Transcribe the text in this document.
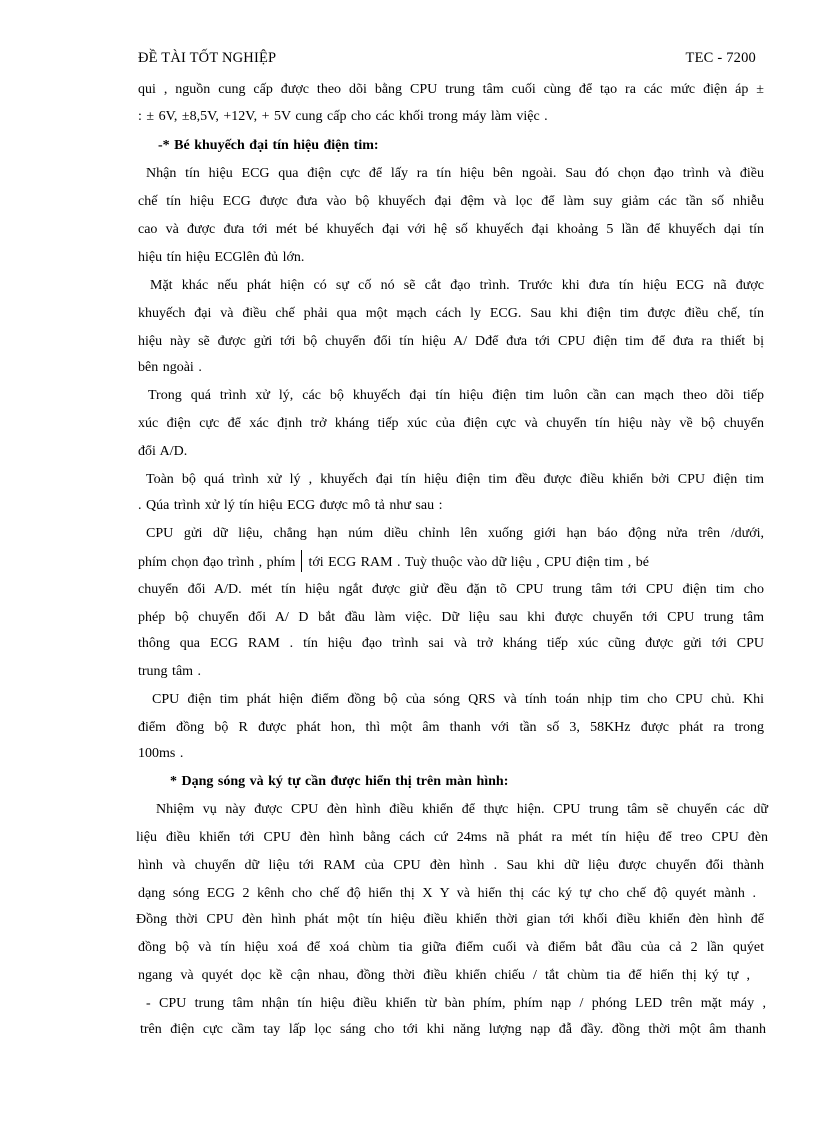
ĐỀ TÀI TỐT NGHIỆP	TEC - 7200
qui , nguồn cung cấp được theo dõi bằng CPU trung tâm cuối cùng để tạo ra các mức điện áp ±
: ± 6V, ±8,5V, +12V, + 5V cung cấp cho các khối trong máy làm việc .
-* Bé khuyếch đại tín hiệu điện tim:
Nhận tín hiệu ECG qua điện cực để lấy ra tín hiệu bên ngoài. Sau đó chọn đạo trình và điều
chế tín hiệu ECG được đưa vào bộ khuyếch đại đệm và lọc để làm suy giảm các tần số nhiễu
cao và được đưa tới mét bé khuyếch đại với hệ số khuyếch đại khoảng 5 lần để khuyếch dại tín
hiệu tín hiệu ECGlên đủ lớn.
Mặt khác nếu phát hiện có sự cố nó sẽ cắt đạo trình. Trước khi đưa tín hiệu ECG nã được
khuyếch đại và điều chế phải qua một mạch cách ly ECG. Sau khi điện tim được điều chế, tín
hiệu này sẽ được gửi tới bộ chuyển đổi tín hiệu A/ Dđể đưa tới CPU điện tim để đưa ra thiết bị
bên ngoài .
Trong quá trình xử lý, các bộ khuyếch đại tín hiệu điện tim luôn cần can mạch theo dõi tiếp
xúc điện cực để xác định trở kháng tiếp xúc của điện cực và chuyển tín hiệu này về bộ chuyển
đổi A/D.
Toàn bộ quá trình xử lý , khuyếch đại tín hiệu điện tim đều được điều khiển bởi CPU điện tim
. Qúa trình xử lý tín hiệu ECG được mô tả như sau :
CPU gửi dữ liệu, chẳng hạn núm diều chỉnh lên xuống giới hạn báo động nửa trên /dưới,
phím chọn đạo trình , phím tới ECG RAM . Tuỳ thuộc vào dữ liệu , CPU điện tim , bé
chuyển đổi A/D. mét tín hiệu ngắt được giử đều đặn tõ CPU trung tâm tới CPU điện tim cho
phép bộ chuyển đổi A/ D bắt đầu làm việc. Dữ liệu sau khi được chuyển tới CPU trung tâm
thông qua ECG RAM . tín hiệu đạo trình sai và trở kháng tiếp xúc cũng được gửi tới CPU
trung tâm .
CPU điện tim phát hiện điểm đồng bộ của sóng QRS và tính toán nhịp tim cho CPU chủ. Khi
điểm đồng bộ R được phát hon, thì một âm thanh với tần số 3, 58KHz được phát ra trong
100ms .
* Dạng sóng và ký tự cần được hiển thị trên màn hình:
Nhiệm vụ này được CPU đèn hình điều khiển để thực hiện. CPU trung tâm sẽ chuyển các dữ
liệu điều khiển tới CPU đèn hình bằng cách cứ 24ms nã phát ra mét tín hiệu để treo CPU đèn
hình và chuyển dữ liệu tới RAM của CPU đèn hình . Sau khi dữ liệu được chuyển đổi thành
dạng sóng ECG 2 kênh cho chế độ hiển thị X Y và hiển thị các ký tự cho chế độ quyét mành .
Đồng thời CPU đèn hình phát một tín hiệu điều khiển thời gian tới khối điều khiển đèn hình để
đồng bộ và tín hiệu xoá để xoá chùm tia giữa điểm cuối và điểm bắt đầu của cả 2 lần quýet
ngang và quyét dọc kề cận nhau, đồng thời điều khiển chiếu / tắt chùm tia để hiển thị ký tự ,
- CPU trung tâm nhận tín hiệu điều khiển từ bàn phím, phím nạp / phóng LED trên mặt máy ,
trên điện cực cầm tay lấp lọc sáng cho tới khi năng lượng nạp đẫ đầy. đồng thời một âm thanh
